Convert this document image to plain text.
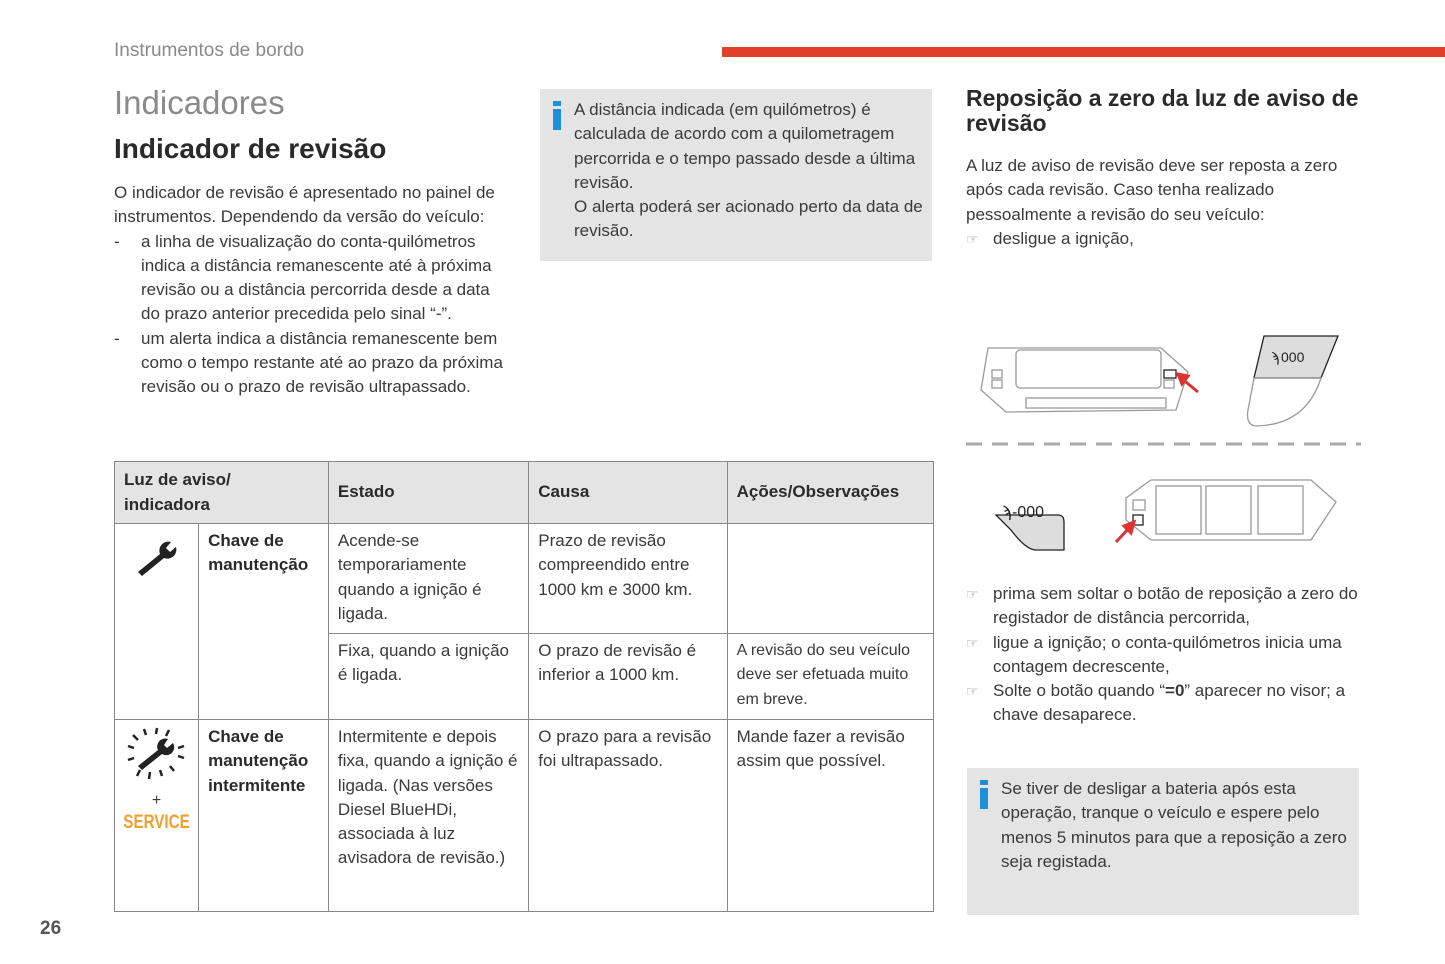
Instrumentos de bordo
Indicadores
Indicador de revisão
O indicador de revisão é apresentado no painel de instrumentos. Dependendo da versão do veículo:
- a linha de visualização do conta-quilómetros indica a distância remanescente até à próxima revisão ou a distância percorrida desde a data do prazo anterior precedida pelo sinal “-”.
- um alerta indica a distância remanescente bem como o tempo restante até ao prazo da próxima revisão ou o prazo de revisão ultrapassado.
A distância indicada (em quilómetros) é calculada de acordo com a quilometragem percorrida e o tempo passado desde a última revisão.
O alerta poderá ser acionado perto da data de revisão.
Luz de aviso/ indicadora		Estado	Causa	Ações/Observações
	Chave de manutenção	Acende-se temporariamente quando a ignição é ligada.	Prazo de revisão compreendido entre 1000 km e 3000 km.	
		Fixa, quando a ignição é ligada.	O prazo de revisão é inferior a 1000 km.	A revisão do seu veículo deve ser efetuada muito em breve.

+
SERVICE	Chave de manutenção intermitente	Intermitente e depois fixa, quando a ignição é ligada. (Nas versões Diesel BlueHDi, associada à luz avisadora de revisão.)	O prazo para a revisão foi ultrapassado.	Mande fazer a revisão assim que possível.
Reposição a zero da luz de aviso de revisão
A luz de aviso de revisão deve ser reposta a zero após cada revisão. Caso tenha realizado pessoalmente a revisão do seu veículo:
☞ desligue a ignição,
000
-000
ϡ
ϡ
☞ prima sem soltar o botão de reposição a zero do registador de distância percorrida,
☞ ligue a ignição; o conta-quilómetros inicia uma contagem decrescente,
☞ Solte o botão quando “=0” aparecer no visor; a chave desaparece.
Se tiver de desligar a bateria após esta operação, tranque o veículo e espere pelo menos 5 minutos para que a reposição a zero seja registada.
26
